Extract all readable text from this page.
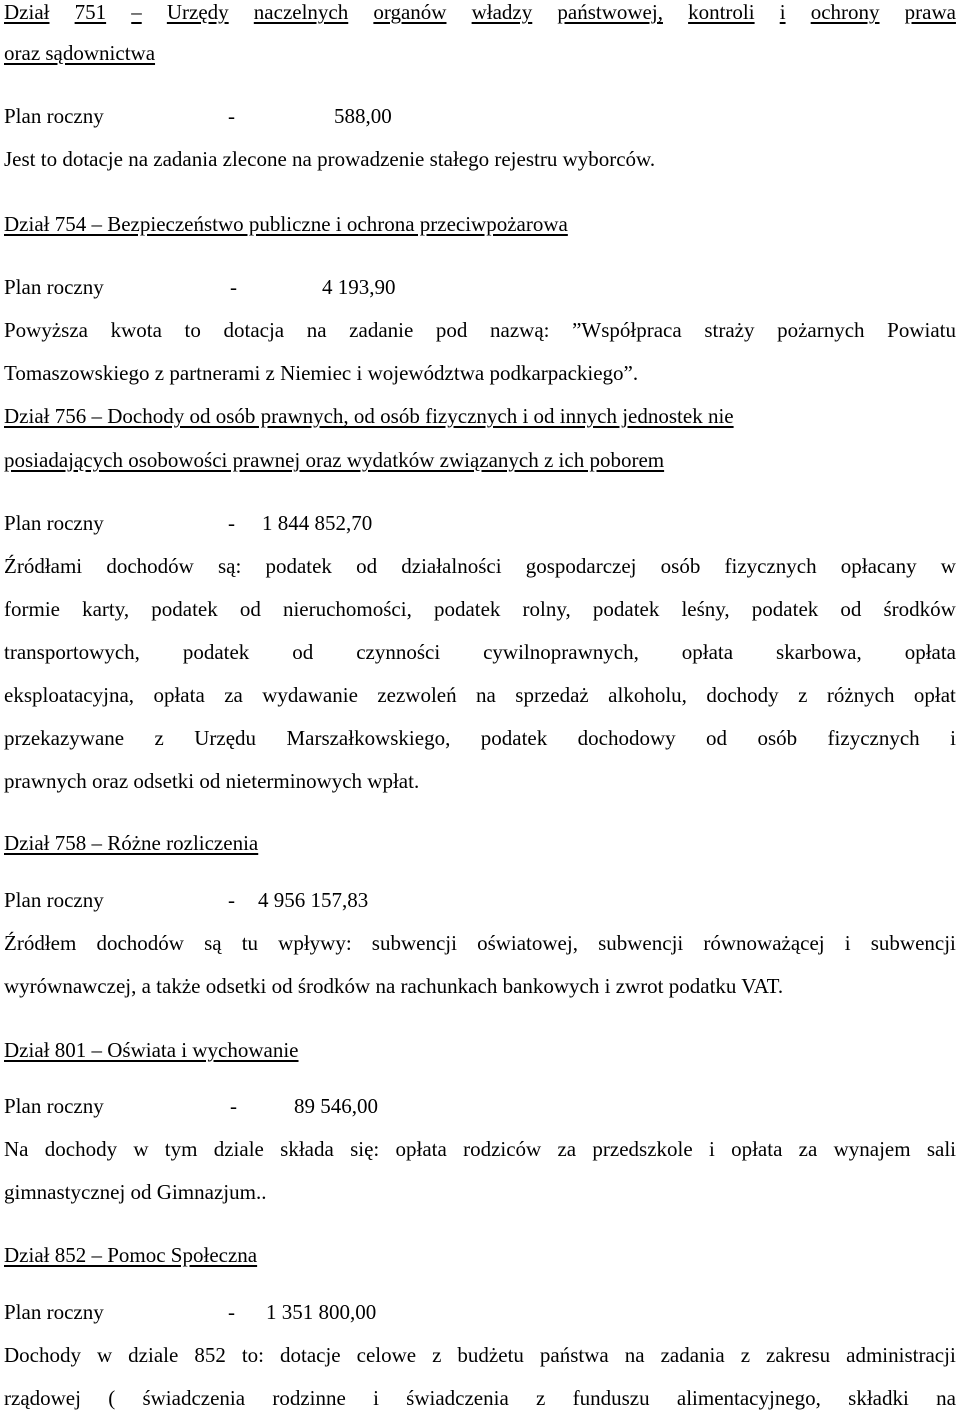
Dział 751 – Urzędy naczelnych organów władzy państwowej, kontroli i ochrony prawa
oraz sądownictwa
Plan roczny	-	588,00
Jest to dotacje na zadania zlecone na prowadzenie stałego rejestru wyborców.
Dział 754 – Bezpieczeństwo publiczne i ochrona przeciwpożarowa
Plan roczny	-	4 193,90
Powyższa kwota to dotacja na zadanie pod nazwą: ”Współpraca straży pożarnych Powiatu
Tomaszowskiego z partnerami z Niemiec i województwa podkarpackiego”.
Dział 756 – Dochody od osób prawnych, od osób fizycznych i od innych jednostek nie
posiadających osobowości prawnej oraz wydatków związanych z ich poborem
Plan roczny	-	1 844 852,70
Źródłami dochodów są: podatek od działalności gospodarczej osób fizycznych opłacany w
formie karty, podatek od nieruchomości, podatek rolny, podatek leśny, podatek od środków
transportowych, podatek od czynności cywilnoprawnych, opłata skarbowa, opłata
eksploatacyjna, opłata za wydawanie zezwoleń na sprzedaż alkoholu, dochody z różnych opłat
przekazywane z Urzędu Marszałkowskiego, podatek dochodowy od osób fizycznych i
prawnych oraz odsetki od nieterminowych wpłat.
Dział 758 – Różne rozliczenia
Plan roczny	-	4 956 157,83
Źródłem dochodów są tu wpływy: subwencji oświatowej, subwencji równoważącej i subwencji
wyrównawczej, a także odsetki od środków na rachunkach bankowych i zwrot podatku VAT.
Dział 801 – Oświata i wychowanie
Plan roczny	-	89 546,00
Na dochody w tym dziale składa się: opłata rodziców za przedszkole i opłata za wynajem sali
gimnastycznej od Gimnazjum..
Dział 852 – Pomoc Społeczna
Plan roczny	-	1 351 800,00
Dochody w dziale 852 to: dotacje celowe z budżetu państwa na zadania z zakresu administracji
rządowej ( świadczenia rodzinne i świadczenia z funduszu alimentacyjnego, składki na
